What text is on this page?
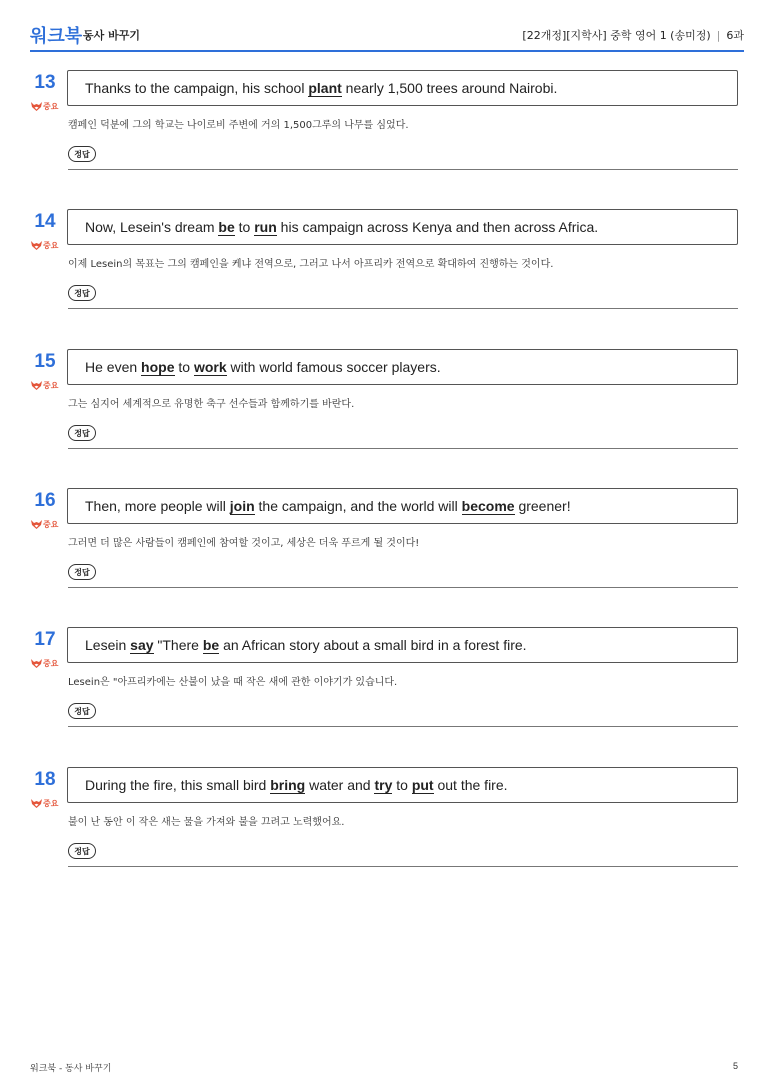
워크북 동사 바꾸기	[22개정][지학사] 중학 영어 1 (송미정) | 6과
13
중요
Thanks to the campaign, his school plant nearly 1,500 trees around Nairobi.
캠페인 덕분에 그의 학교는 나이로비 주변에 거의 1,500그루의 나무를 심었다.
정답
14
중요
Now, Lesein's dream be to run his campaign across Kenya and then across Africa.
이제 Lesein의 목표는 그의 캠페인을 케냐 전역으로, 그러고 나서 아프리카 전역으로 확대하여 진행하는 것이다.
정답
15
중요
He even hope to work with world famous soccer players.
그는 심지어 세계적으로 유명한 축구 선수들과 함께하기를 바란다.
정답
16
중요
Then, more people will join the campaign, and the world will become greener!
그러면 더 많은 사람들이 캠페인에 참여할 것이고, 세상은 더욱 푸르게 될 것이다!
정답
17
중요
Lesein say "There be an African story about a small bird in a forest fire.
Lesein은 "아프리카에는 산불이 났을 때 작은 새에 관한 이야기가 있습니다.
정답
18
중요
During the fire, this small bird bring water and try to put out the fire.
불이 난 동안 이 작은 새는 물을 가져와 불을 끄려고 노력했어요.
정답
워크북 - 동사 바꾸기	5
